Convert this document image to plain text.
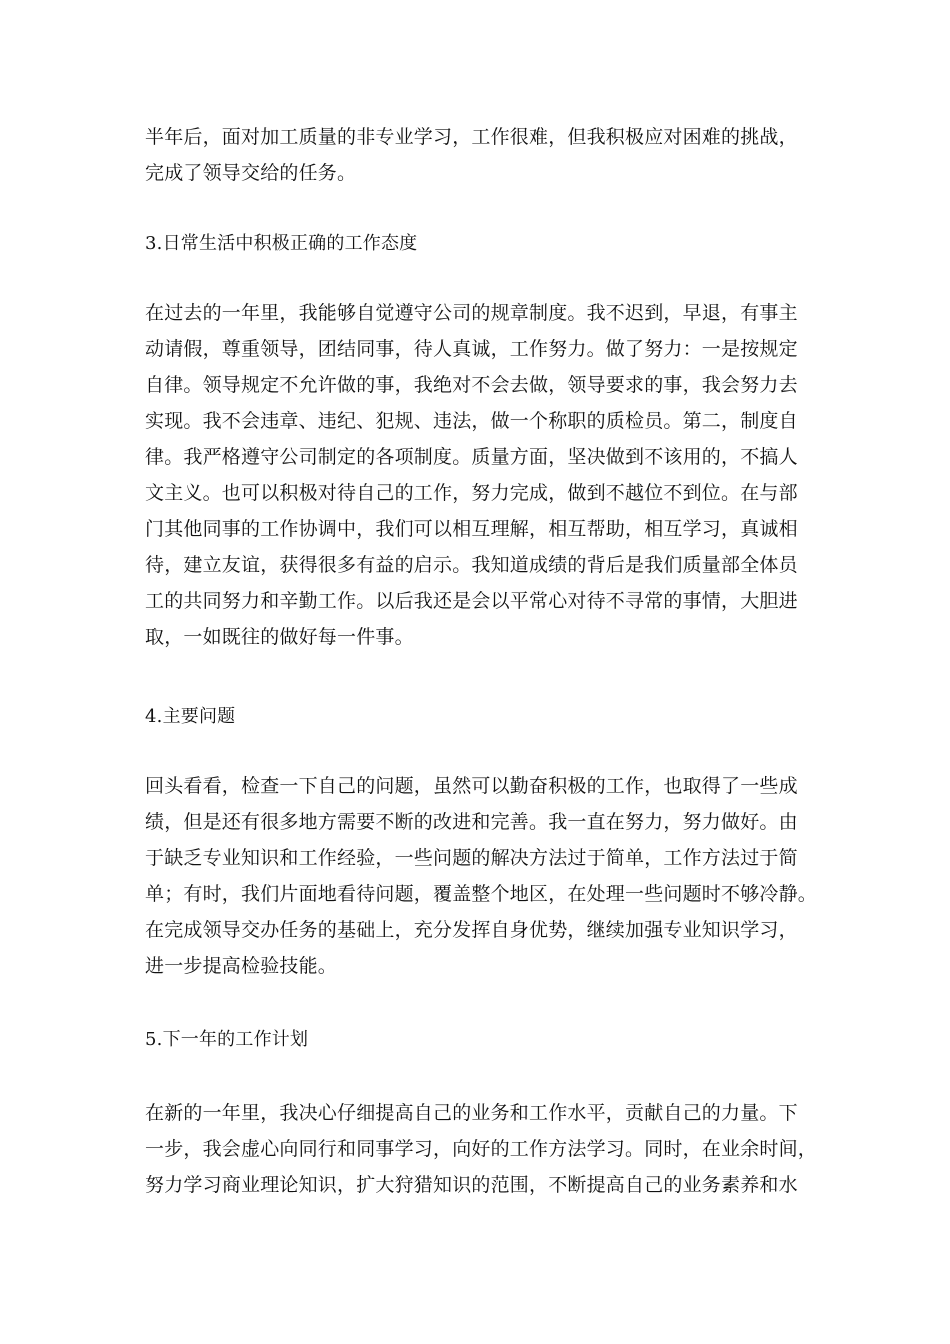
半年后，面对加工质量的非专业学习，工作很难，但我积极应对困难的挑战，
完成了领导交给的任务。
3.日常生活中积极正确的工作态度
在过去的一年里，我能够自觉遵守公司的规章制度。我不迟到，早退，有事主
动请假，尊重领导，团结同事，待人真诚，工作努力。做了努力：一是按规定
自律。领导规定不允许做的事，我绝对不会去做，领导要求的事，我会努力去
实现。我不会违章、违纪、犯规、违法，做一个称职的质检员。第二，制度自
律。我严格遵守公司制定的各项制度。质量方面，坚决做到不该用的，不搞人
文主义。也可以积极对待自己的工作，努力完成，做到不越位不到位。在与部
门其他同事的工作协调中，我们可以相互理解，相互帮助，相互学习，真诚相
待，建立友谊，获得很多有益的启示。我知道成绩的背后是我们质量部全体员
工的共同努力和辛勤工作。以后我还是会以平常心对待不寻常的事情，大胆进
取，一如既往的做好每一件事。
4.主要问题
回头看看，检查一下自己的问题，虽然可以勤奋积极的工作，也取得了一些成
绩，但是还有很多地方需要不断的改进和完善。我一直在努力，努力做好。由
于缺乏专业知识和工作经验，一些问题的解决方法过于简单，工作方法过于简
单；有时，我们片面地看待问题，覆盖整个地区，在处理一些问题时不够冷静。
在完成领导交办任务的基础上，充分发挥自身优势，继续加强专业知识学习，
进一步提高检验技能。
5.下一年的工作计划
在新的一年里，我决心仔细提高自己的业务和工作水平，贡献自己的力量。下
一步，我会虚心向同行和同事学习，向好的工作方法学习。同时，在业余时间，
努力学习商业理论知识，扩大狩猎知识的范围，不断提高自己的业务素养和水
